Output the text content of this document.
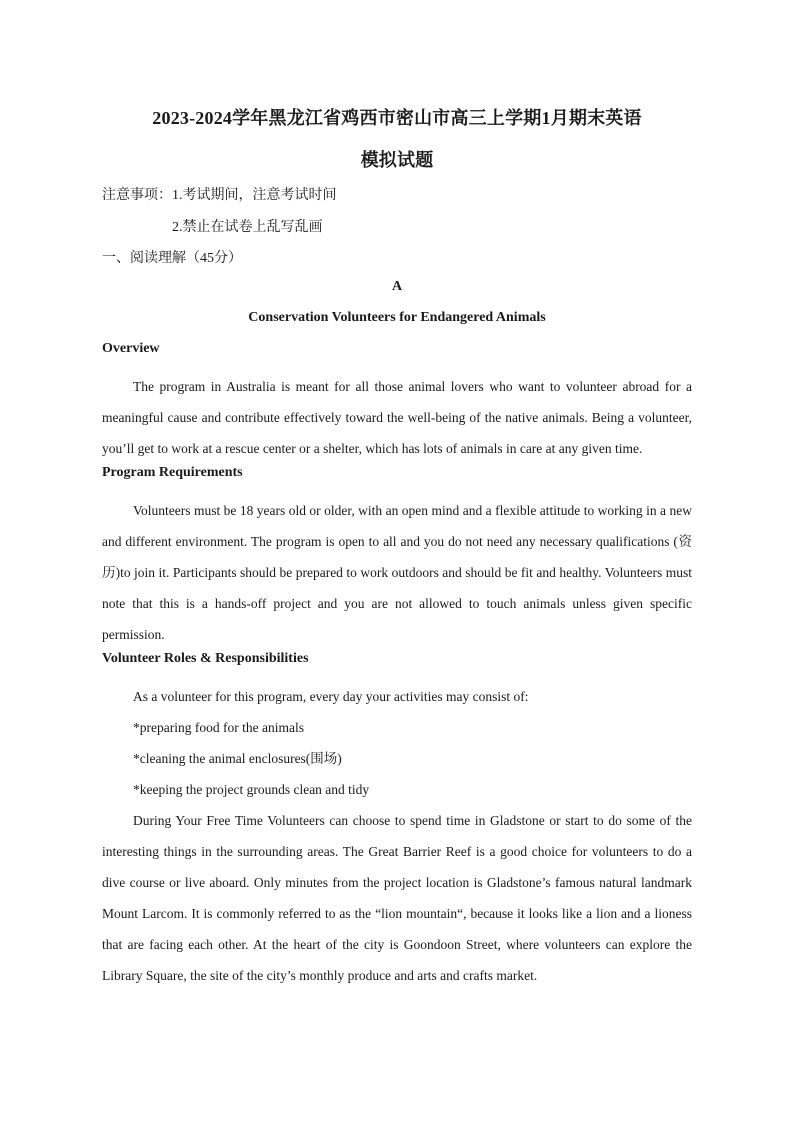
2023-2024学年黑龙江省鸡西市密山市高三上学期1月期末英语
模拟试题
注意事项：1.考试期间，注意考试时间
2.禁止在试卷上乱写乱画
一、阅读理解（45分）
A
Conservation Volunteers for Endangered Animals
Overview

The program in Australia is meant for all those animal lovers who want to volunteer abroad for a meaningful cause and contribute effectively toward the well-being of the native animals. Being a volunteer, you’ll get to work at a rescue center or a shelter, which has lots of animals in care at any given time.

Program Requirements

Volunteers must be 18 years old or older, with an open mind and a flexible attitude to working in a new and different environment. The program is open to all and you do not need any necessary qualifications (资历)to join it. Participants should be prepared to work outdoors and should be fit and healthy. Volunteers must note that this is a hands-off project and you are not allowed to touch animals unless given specific permission.

Volunteer Roles & Responsibilities

As a volunteer for this program, every day your activities may consist of:

*preparing food for the animals
*cleaning the animal enclosures(围场)
*keeping the project grounds clean and tidy

During Your Free Time Volunteers can choose to spend time in Gladstone or start to do some of the interesting things in the surrounding areas. The Great Barrier Reef is a good choice for volunteers to do a dive course or live aboard. Only minutes from the project location is Gladstone’s famous natural landmark Mount Larcom. It is commonly referred to as the “lion mountain“, because it looks like a lion and a lioness that are facing each other. At the heart of the city is Goondoon Street, where volunteers can explore the Library Square, the site of the city’s monthly produce and arts and crafts market.
